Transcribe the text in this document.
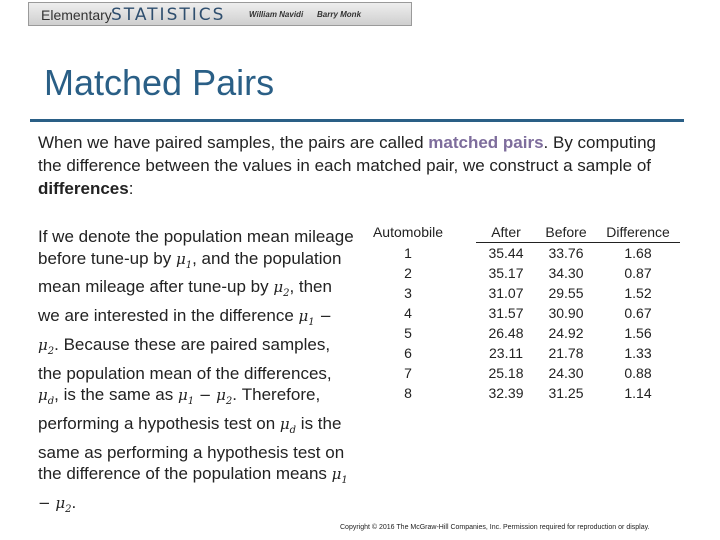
Elementary STATISTICS	William Navidi Barry Monk
Matched Pairs
When we have paired samples, the pairs are called matched pairs. By computing the difference between the values in each matched pair, we construct a sample of differences:
If we denote the population mean mileage before tune-up by $\mu_1$, and the population mean mileage after tune-up by $\mu_2$, then we are interested in the difference $\mu_1 - \mu_2$. Because these are paired samples, the population mean of the differences, $\mu_d$, is the same as $\mu_1 - \mu_2$. Therefore, performing a hypothesis test on $\mu_d$ is the same as performing a hypothesis test on the difference of the population means $\mu_1 - \mu_2$.
Automobile		After	Before	Difference
1		35.44	33.76	1.68
2		35.17	34.30	0.87
3		31.07	29.55	1.52
4		31.57	30.90	0.67
5		26.48	24.92	1.56
6		23.11	21.78	1.33
7		25.18	24.30	0.88
8		32.39	31.25	1.14
Copyright © 2016 The McGraw-Hill Companies, Inc. Permission required for reproduction or display.
